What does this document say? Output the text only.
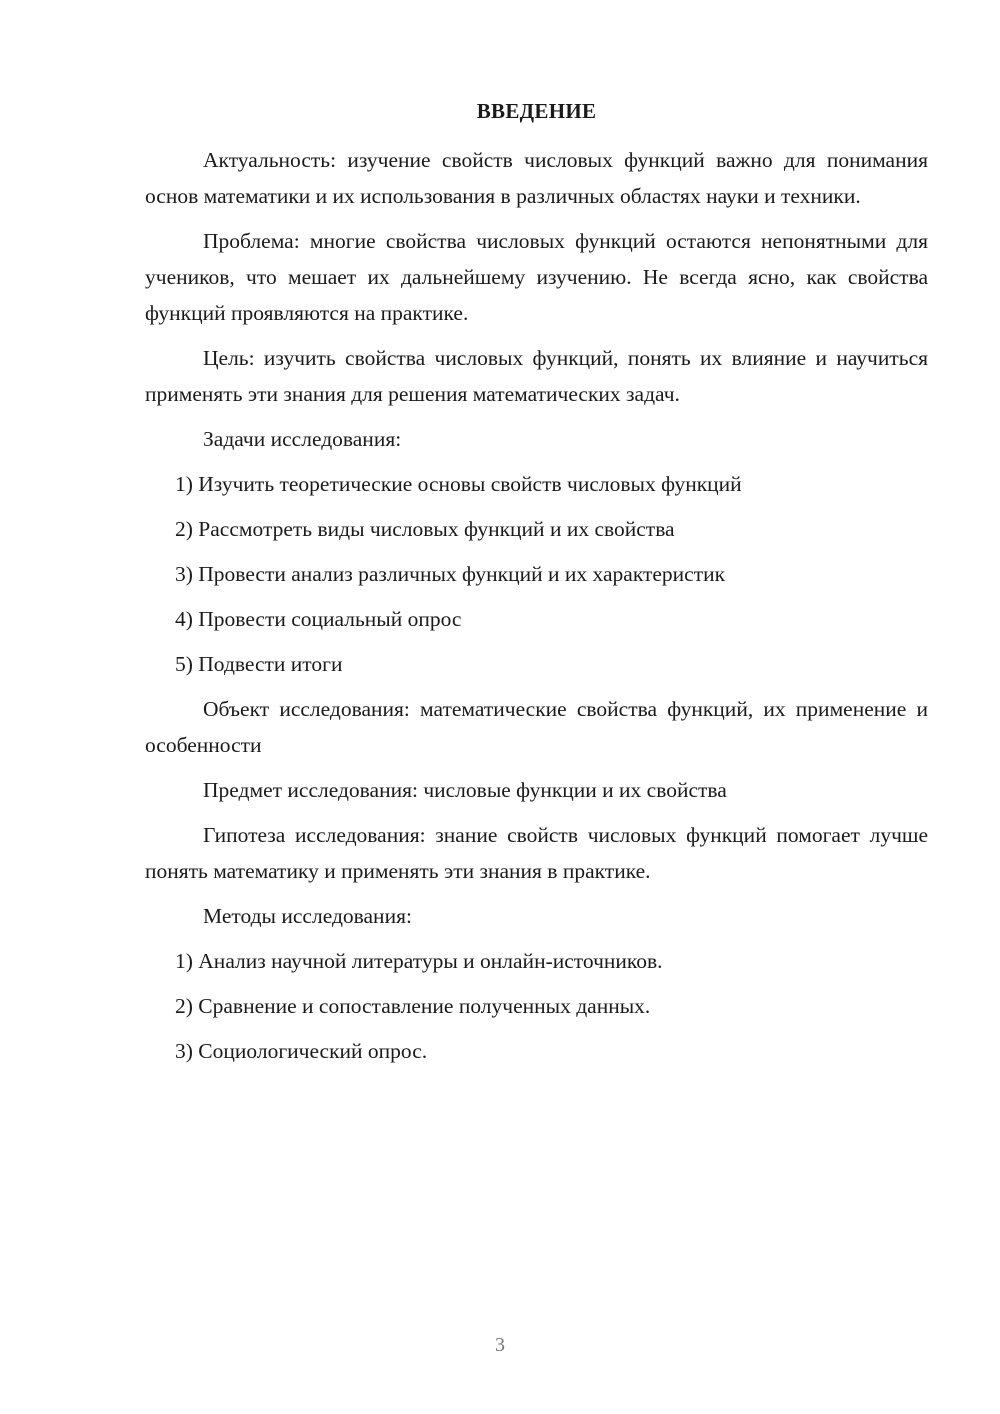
ВВЕДЕНИЕ

Актуальность: изучение свойств числовых функций важно для понимания основ математики и их использования в различных областях науки и техники.

Проблема: многие свойства числовых функций остаются непонятными для учеников, что мешает их дальнейшему изучению. Не всегда ясно, как свойства функций проявляются на практике.

Цель: изучить свойства числовых функций, понять их влияние и научиться применять эти знания для решения математических задач.

Задачи исследования:

1) Изучить теоретические основы свойств числовых функций

2) Рассмотреть виды числовых функций и их свойства

3) Провести анализ различных функций и их характеристик

4) Провести социальный опрос

5) Подвести итоги

Объект исследования: математические свойства функций, их применение и особенности

Предмет исследования: числовые функции и их свойства

Гипотеза исследования: знание свойств числовых функций помогает лучше понять математику и применять эти знания в практике.

Методы исследования:

1) Анализ научной литературы и онлайн-источников.

2) Сравнение и сопоставление полученных данных.

3) Социологический опрос.

3
